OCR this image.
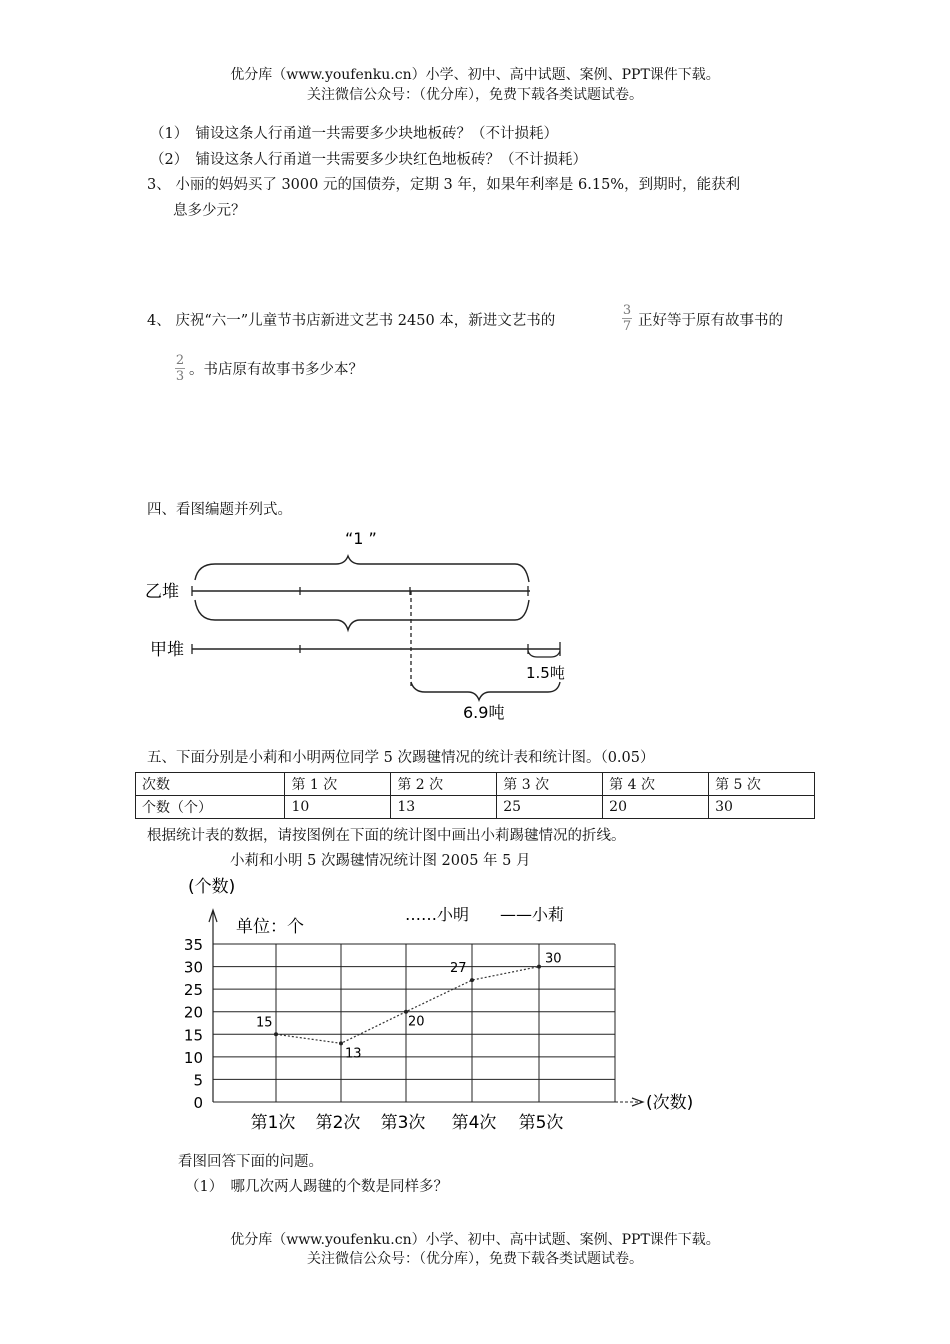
优分库（www.youfenku.cn）小学、初中、高中试题、案例、PPT课件下载。
关注微信公众号：（优分库），免费下载各类试题试卷。
（1）　铺设这条人行甬道一共需要多少块地板砖？（不计损耗）
（2）　铺设这条人行甬道一共需要多少块红色地板砖？（不计损耗）
3、 小丽的妈妈买了 3000 元的国债券，定期 3 年，如果年利率是 6.15%，到期时，能获利
息多少元？
4、 庆祝“六一”儿童节书店新进文艺书 2450 本，新进文艺书的
3
7 正好等于原有故事书的
2
3 。书店原有故事书多少本？
四、看图编题并列式。
“1 ”
乙堆
甲堆
1.5吨
6.9吨
五、下面分别是小莉和小明两位同学 5 次踢毽情况的统计表和统计图。（0.05）
次数	第 1 次	第 2 次	第 3 次	第 4 次	第 5 次
个数（个）	10	13	25	20	30
根据统计表的数据，请按图例在下面的统计图中画出小莉踢毽情况的折线。
小莉和小明 5 次踢毽情况统计图 2005 年 5 月
(个数)
单位：个
……小明 ——小莉
(次数)
35
30
25
20
15
10
5
0
第1次 第2次 第3次 第4次 第5次
15
13
20
27
30
看图回答下面的问题。
（1）　哪几次两人踢毽的个数是同样多？
优分库（www.youfenku.cn）小学、初中、高中试题、案例、PPT课件下载。
关注微信公众号：（优分库），免费下载各类试题试卷。
